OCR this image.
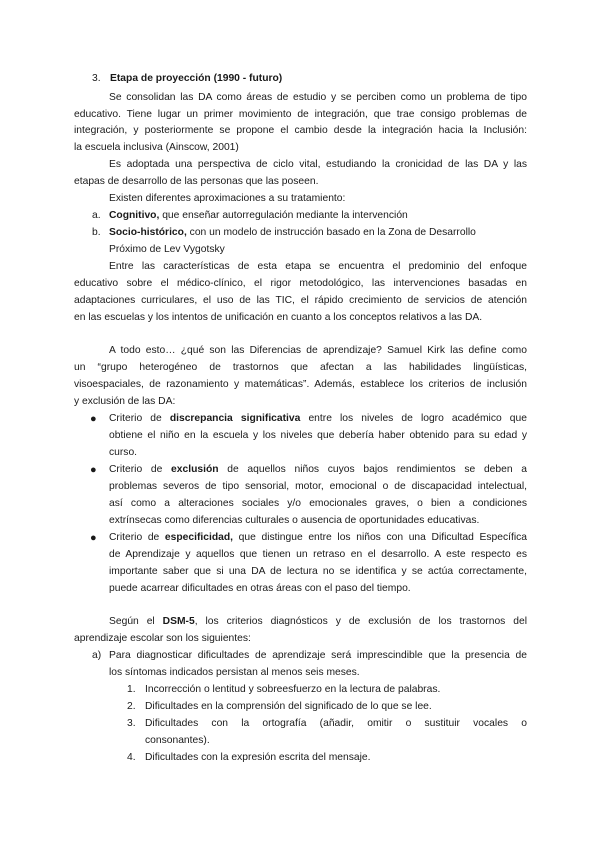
3. Etapa de proyección (1990 - futuro)
Se consolidan las DA como áreas de estudio y se perciben como un problema de tipo
educativo. Tiene lugar un primer movimiento de integración, que trae consigo problemas de
integración, y posteriormente se propone el cambio desde la integración hacia la Inclusión:
la escuela inclusiva (Ainscow, 2001)
Es adoptada una perspectiva de ciclo vital, estudiando la cronicidad de las DA y las
etapas de desarrollo de las personas que las poseen.
Existen diferentes aproximaciones a su tratamiento:
a. Cognitivo, que enseñar autorregulación mediante la intervención
b. Socio-histórico, con un modelo de instrucción basado en la Zona de Desarrollo
Próximo de Lev Vygotsky
Entre las características de esta etapa se encuentra el predominio del enfoque
educativo sobre el médico-clínico, el rigor metodológico, las intervenciones basadas en
adaptaciones curriculares, el uso de las TIC, el rápido crecimiento de servicios de atención
en las escuelas y los intentos de unificación en cuanto a los conceptos relativos a las DA.
A todo esto… ¿qué son las Diferencias de aprendizaje? Samuel Kirk las define como
un “grupo heterogéneo de trastornos que afectan a las habilidades lingüísticas,
visoespaciales, de razonamiento y matemáticas”. Además, establece los criterios de inclusión
y exclusión de las DA:
● Criterio de discrepancia significativa entre los niveles de logro académico que
obtiene el niño en la escuela y los niveles que debería haber obtenido para su edad y
curso.
● Criterio de exclusión de aquellos niños cuyos bajos rendimientos se deben a
problemas severos de tipo sensorial, motor, emocional o de discapacidad intelectual,
así como a alteraciones sociales y/o emocionales graves, o bien a condiciones
extrínsecas como diferencias culturales o ausencia de oportunidades educativas.
● Criterio de especificidad, que distingue entre los niños con una Dificultad Específica
de Aprendizaje y aquellos que tienen un retraso en el desarrollo. A este respecto es
importante saber que si una DA de lectura no se identifica y se actúa correctamente,
puede acarrear dificultades en otras áreas con el paso del tiempo.
Según el DSM-5, los criterios diagnósticos y de exclusión de los trastornos del
aprendizaje escolar son los siguientes:
a) Para diagnosticar dificultades de aprendizaje será imprescindible que la presencia de
los síntomas indicados persistan al menos seis meses.
1. Incorrección o lentitud y sobreesfuerzo en la lectura de palabras.
2. Dificultades en la comprensión del significado de lo que se lee.
3. Dificultades con la ortografía (añadir, omitir o sustituir vocales o
consonantes).
4. Dificultades con la expresión escrita del mensaje.
